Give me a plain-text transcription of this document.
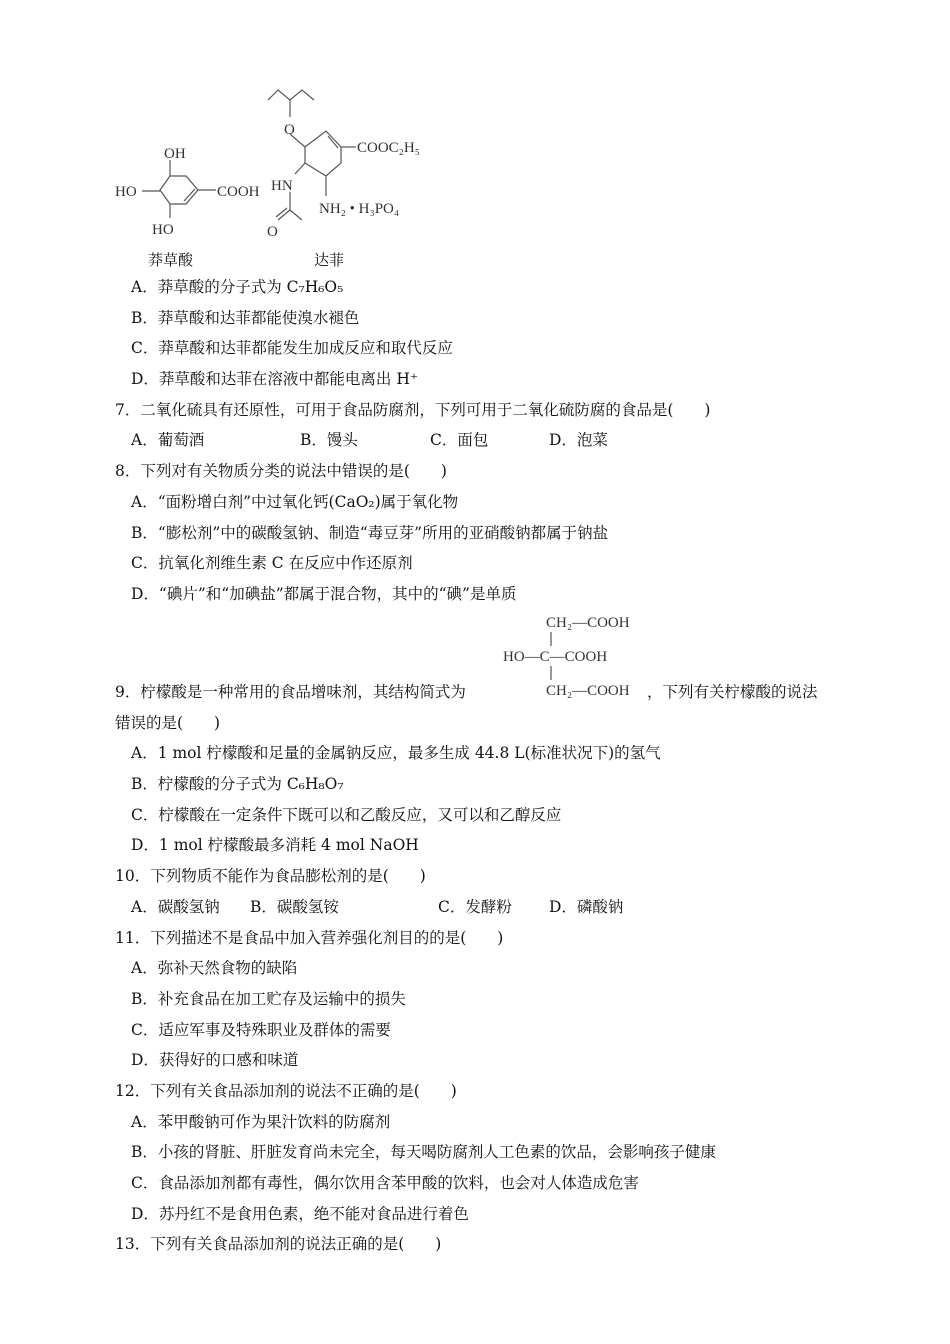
OH
HO
HO
COOH
莽草酸
O
COOC₂H₅
HN
O
NH₂ • H₃PO₄
达菲
CH₂—COOH
HO—C—COOH
CH₂—COOH
A．莽草酸的分子式为 C₇H₆O₅
B．莽草酸和达菲都能使溴水褪色
C．莽草酸和达菲都能发生加成反应和取代反应
D．莽草酸和达菲在溶液中都能电离出 H⁺
7．二氧化硫具有还原性，可用于食品防腐剂，下列可用于二氧化硫防腐的食品是(　　)
A．葡萄酒	B．馒头	C．面包	D．泡菜
8．下列对有关物质分类的说法中错误的是(　　)
A．“面粉增白剂”中过氧化钙(CaO₂)属于氧化物
B．“膨松剂”中的碳酸氢钠、制造“毒豆芽”所用的亚硝酸钠都属于钠盐
C．抗氧化剂维生素 C 在反应中作还原剂
D．“碘片”和“加碘盐”都属于混合物，其中的“碘”是单质
9．柠檬酸是一种常用的食品增味剂，其结构简式为	，下列有关柠檬酸的说法
错误的是(　　)
A．1 mol 柠檬酸和足量的金属钠反应，最多生成 44.8 L(标准状况下)的氢气
B．柠檬酸的分子式为 C₆H₈O₇
C．柠檬酸在一定条件下既可以和乙酸反应，又可以和乙醇反应
D．1 mol 柠檬酸最多消耗 4 mol NaOH
10．下列物质不能作为食品膨松剂的是(　　)
A．碳酸氢钠 B．碳酸氢铵	C．发酵粉 D．磷酸钠
11．下列描述不是食品中加入营养强化剂目的的是(　　)
A．弥补天然食物的缺陷
B．补充食品在加工贮存及运输中的损失
C．适应军事及特殊职业及群体的需要
D．获得好的口感和味道
12．下列有关食品添加剂的说法不正确的是(　　)
A．苯甲酸钠可作为果汁饮料的防腐剂
B．小孩的肾脏、肝脏发育尚未完全，每天喝防腐剂人工色素的饮品，会影响孩子健康
C．食品添加剂都有毒性，偶尔饮用含苯甲酸的饮料，也会对人体造成危害
D．苏丹红不是食用色素，绝不能对食品进行着色
13．下列有关食品添加剂的说法正确的是(　　)
